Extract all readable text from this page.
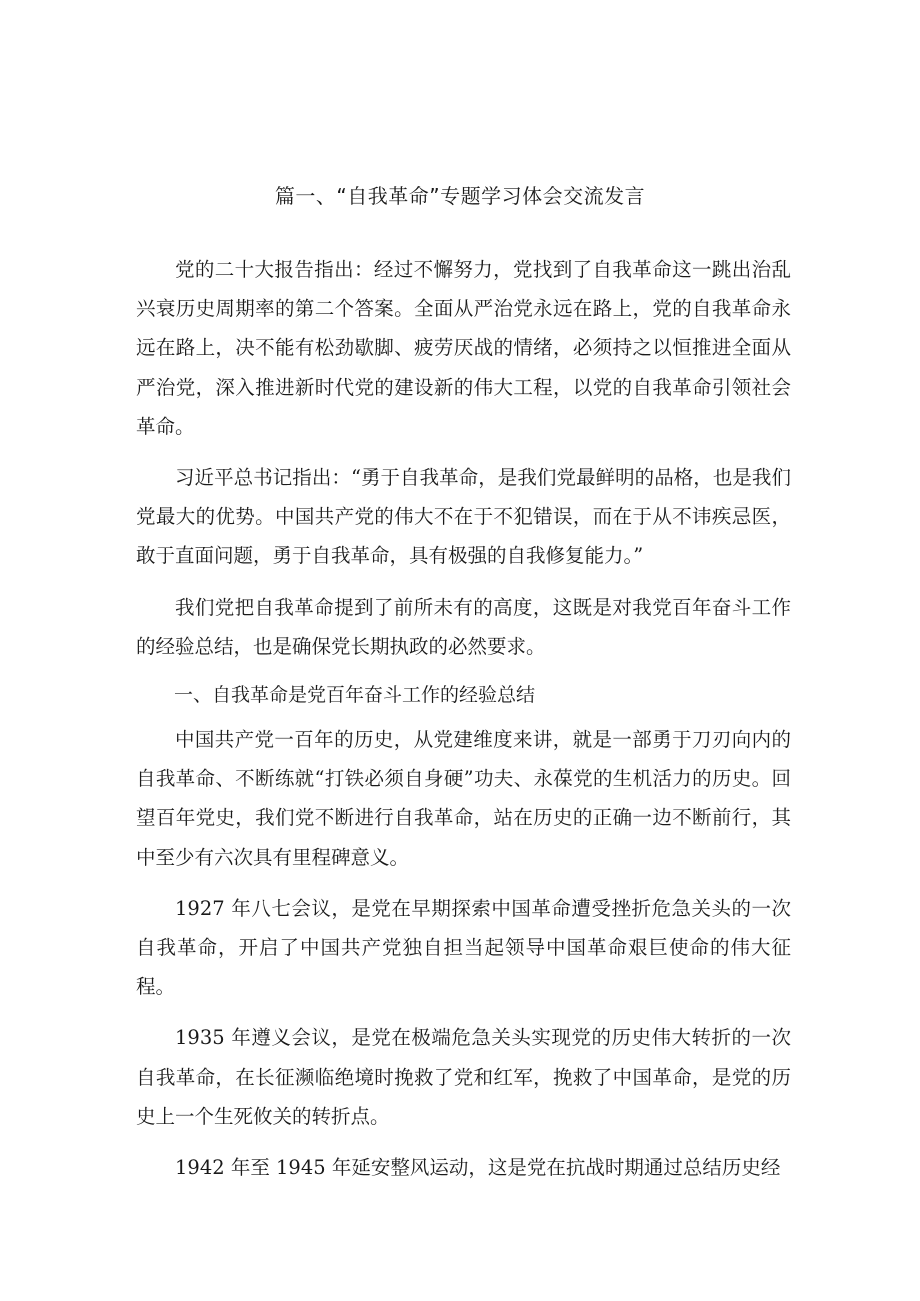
篇一、“自我革命”专题学习体会交流发言

党的二十大报告指出：经过不懈努力，党找到了自我革命这一跳出治乱兴衰历史周期率的第二个答案。全面从严治党永远在路上，党的自我革命永远在路上，决不能有松劲歇脚、疲劳厌战的情绪，必须持之以恒推进全面从严治党，深入推进新时代党的建设新的伟大工程，以党的自我革命引领社会革命。

习近平总书记指出：“勇于自我革命，是我们党最鲜明的品格，也是我们党最大的优势。中国共产党的伟大不在于不犯错误，而在于从不讳疾忌医，敢于直面问题，勇于自我革命，具有极强的自我修复能力。”

我们党把自我革命提到了前所未有的高度，这既是对我党百年奋斗工作的经验总结，也是确保党长期执政的必然要求。

一、自我革命是党百年奋斗工作的经验总结

中国共产党一百年的历史，从党建维度来讲，就是一部勇于刀刃向内的自我革命、不断练就“打铁必须自身硬”功夫、永葆党的生机活力的历史。回望百年党史，我们党不断进行自我革命，站在历史的正确一边不断前行，其中至少有六次具有里程碑意义。

1927 年八七会议，是党在早期探索中国革命遭受挫折危急关头的一次自我革命，开启了中国共产党独自担当起领导中国革命艰巨使命的伟大征程。

1935 年遵义会议，是党在极端危急关头实现党的历史伟大转折的一次自我革命，在长征濒临绝境时挽救了党和红军，挽救了中国革命，是党的历史上一个生死攸关的转折点。

1942 年至 1945 年延安整风运动，这是党在抗战时期通过总结历史经
